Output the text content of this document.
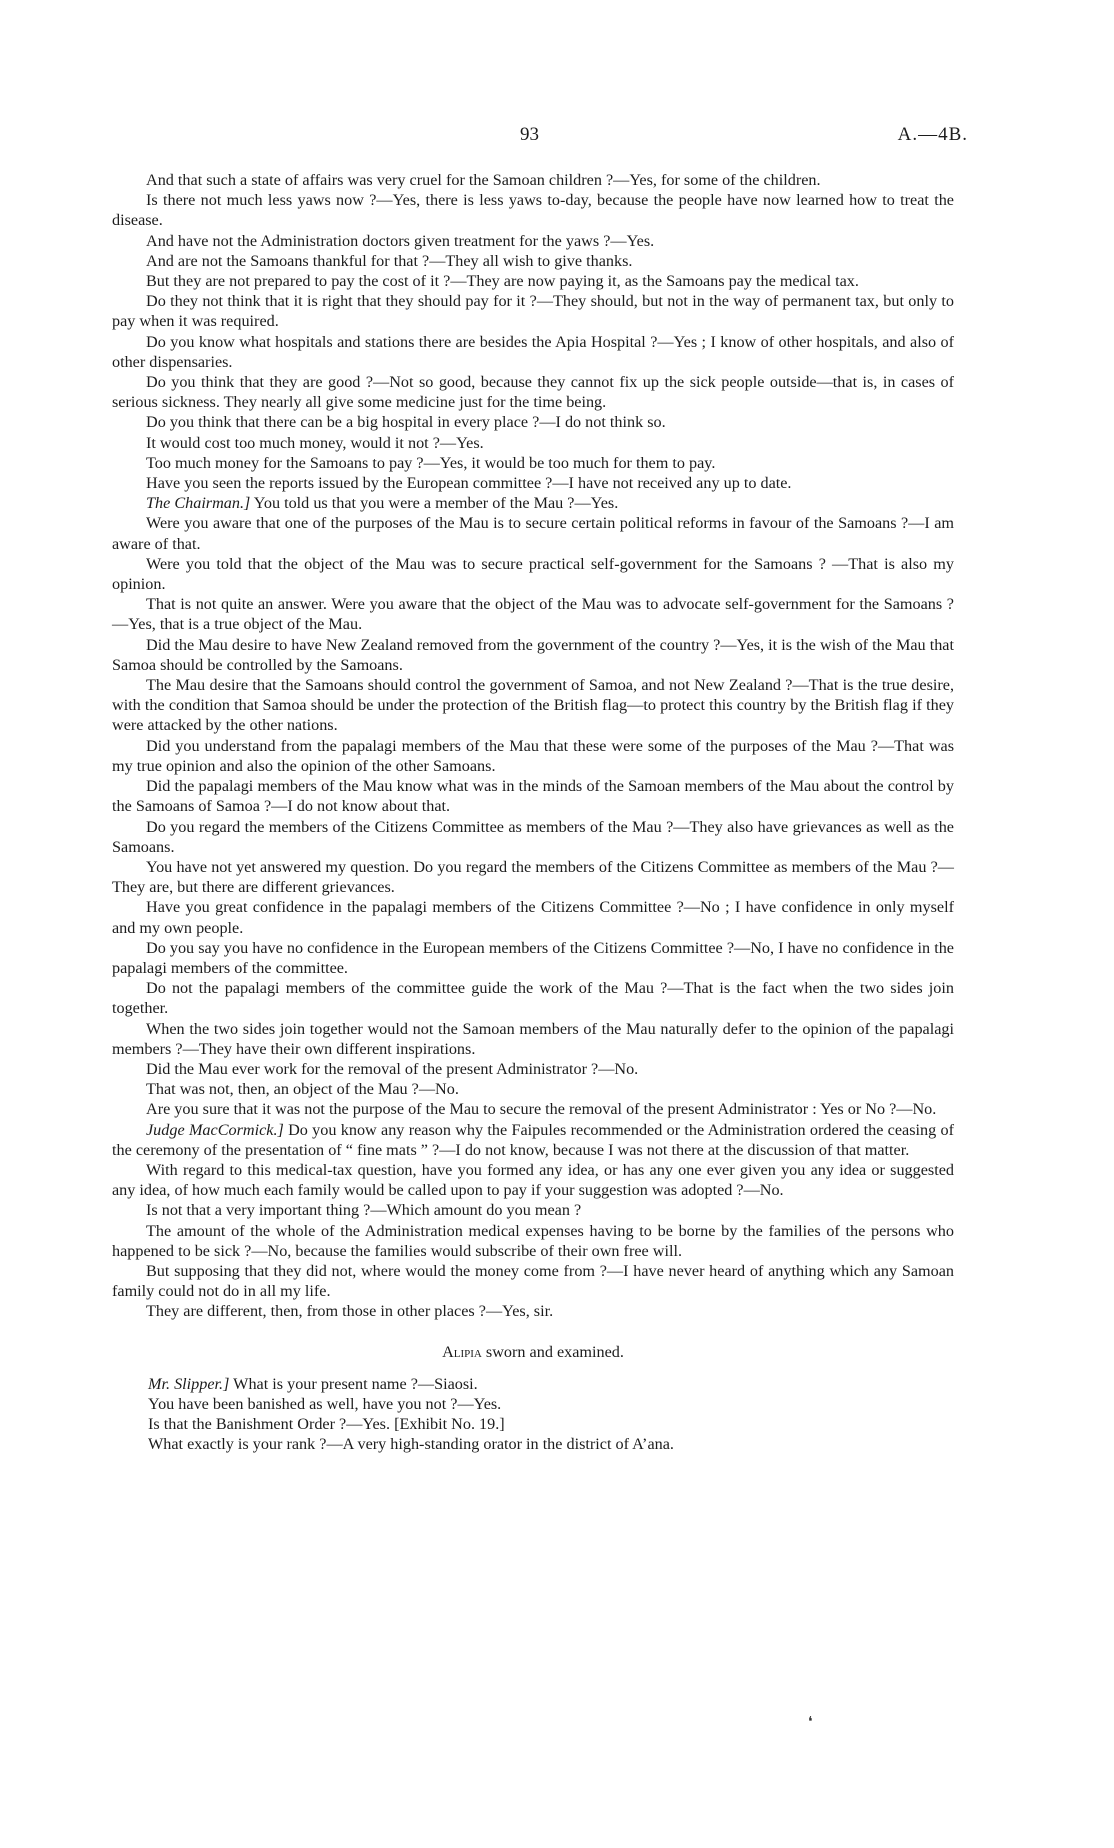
93	A.—4B.

And that such a state of affairs was very cruel for the Samoan children ?—Yes, for some of the children.

Is there not much less yaws now ?—Yes, there is less yaws to-day, because the people have now learned how to treat the disease.

And have not the Administration doctors given treatment for the yaws ?—Yes.

And are not the Samoans thankful for that ?—They all wish to give thanks.

But they are not prepared to pay the cost of it ?—They are now paying it, as the Samoans pay the medical tax.

Do they not think that it is right that they should pay for it ?—They should, but not in the way of permanent tax, but only to pay when it was required.

Do you know what hospitals and stations there are besides the Apia Hospital ?—Yes ; I know of other hospitals, and also of other dispensaries.

Do you think that they are good ?—Not so good, because they cannot fix up the sick people outside—that is, in cases of serious sickness. They nearly all give some medicine just for the time being.

Do you think that there can be a big hospital in every place ?—I do not think so.

It would cost too much money, would it not ?—Yes.

Too much money for the Samoans to pay ?—Yes, it would be too much for them to pay.

Have you seen the reports issued by the European committee ?—I have not received any up to date.

The Chairman.] You told us that you were a member of the Mau ?—Yes.

Were you aware that one of the purposes of the Mau is to secure certain political reforms in favour of the Samoans ?—I am aware of that.

Were you told that the object of the Mau was to secure practical self-government for the Samoans ? —That is also my opinion.

That is not quite an answer. Were you aware that the object of the Mau was to advocate self-government for the Samoans ?—Yes, that is a true object of the Mau.

Did the Mau desire to have New Zealand removed from the government of the country ?—Yes, it is the wish of the Mau that Samoa should be controlled by the Samoans.

The Mau desire that the Samoans should control the government of Samoa, and not New Zealand ?—That is the true desire, with the condition that Samoa should be under the protection of the British flag—to protect this country by the British flag if they were attacked by the other nations.

Did you understand from the papalagi members of the Mau that these were some of the purposes of the Mau ?—That was my true opinion and also the opinion of the other Samoans.

Did the papalagi members of the Mau know what was in the minds of the Samoan members of the Mau about the control by the Samoans of Samoa ?—I do not know about that.

Do you regard the members of the Citizens Committee as members of the Mau ?—They also have grievances as well as the Samoans.

You have not yet answered my question. Do you regard the members of the Citizens Committee as members of the Mau ?—They are, but there are different grievances.

Have you great confidence in the papalagi members of the Citizens Committee ?—No ; I have confidence in only myself and my own people.

Do you say you have no confidence in the European members of the Citizens Committee ?—No, I have no confidence in the papalagi members of the committee.

Do not the papalagi members of the committee guide the work of the Mau ?—That is the fact when the two sides join together.

When the two sides join together would not the Samoan members of the Mau naturally defer to the opinion of the papalagi members ?—They have their own different inspirations.

Did the Mau ever work for the removal of the present Administrator ?—No.

That was not, then, an object of the Mau ?—No.

Are you sure that it was not the purpose of the Mau to secure the removal of the present Administrator : Yes or No ?—No.

Judge MacCormick.] Do you know any reason why the Faipules recommended or the Administration ordered the ceasing of the ceremony of the presentation of “ fine mats ” ?—I do not know, because I was not there at the discussion of that matter.

With regard to this medical-tax question, have you formed any idea, or has any one ever given you any idea or suggested any idea, of how much each family would be called upon to pay if your suggestion was adopted ?—No.

Is not that a very important thing ?—Which amount do you mean ?

The amount of the whole of the Administration medical expenses having to be borne by the families of the persons who happened to be sick ?—No, because the families would subscribe of their own free will.

But supposing that they did not, where would the money come from ?—I have never heard of anything which any Samoan family could not do in all my life.

They are different, then, from those in other places ?—Yes, sir.

Alipia sworn and examined.

Mr. Slipper.] What is your present name ?—Siaosi.

You have been banished as well, have you not ?—Yes.

Is that the Banishment Order ?—Yes. [Exhibit No. 19.]

What exactly is your rank ?—A very high-standing orator in the district of A’ana.

❛
